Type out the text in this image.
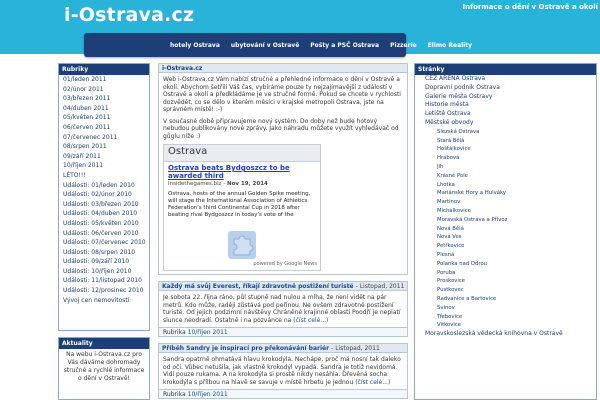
i-Ostrava.cz	Informace o dění v Ostravě a okolí
hotely Ostrava ubytování v Ostravě Pošty a PSČ Ostrava Pizzerie Elimo Reality
Rubriky
01/leden 2011
02/únor 2011
03/březen 2011
04/duben 2011
05/květen 2011
06/červen 2011
07/červenec 2011
08/srpen 2011
09/září 2011
10/říjen 2011
LÉTO!!!
Události: 01/leden 2010
Události: 02/únor 2010
Události: 03/březen 2010
Události: 04/duben 2010
Události: 05/květen 2010
Události: 06/červen 2010
Události: 07/červenec 2010
Události: 08/srpen 2010
Události: 09/září 2010
Události: 10/říjen 2010
Události: 11/listopad 2010
Události: 12/prosinec 2010
Vývoj cen nemovitostí
Aktuality
Na webu i-Ostrava.cz pro Vás dáváme dohromady stručné a rychlé informace o dění v Ostravě!
i-Ostrava.cz

Web i-Ostrava.cz Vám nabízí stručné a přehledné informace o dění v Ostravě a okolí. Abychom šetřili Váš čas, vybíráme pouze ty nejzajímavější z událostí v Ostravě a okolí a předkládáme je ve stručné formě. Pokud se chcete v rychlosti dozvědět, co se dělo v kterém měsíci v krajské metropoli Ostrava, jste na správném místě! :-)

V současné době připravujeme nový systém. Do doby než bude hotový nebudou publikovány nové zprávy. Jako náhradu můžete využít vyhledávač od gůglu níže :)

Ostrava
Ostrava beats Bydgoszcz to be awarded third
Insidethegames.biz - Nov 19, 2014
Ostrava, hosts of the annual Golden Spike meeting, will stage the International Association of Athletics Federation's third Continental Cup in 2018 after beating rival Bydgoszcz in today's vote of the
powered by Google News
Každý má svůj Everest, říkají zdravotně postižení turisté - Listopad, 2011
Je sobota 22. října ráno, půl stupně nad nulou a mlha, že není vidět na pár metrů. Kdo může, raději zůstává pod peřinou. Ne ovšem zdravotně postižení turisté. Od jejich podzimní návštěvy Chráněné krajinné oblasti Poodří je neplatí slunce neodradí. Ostatně i na pozvánce na (číst celé...)
Rubrika 10/říjen 2011
Příběh Sandry je inspirací pro překonávání bariér - Listopad, 2011
Sandra opatrně ohmatává hlavu krokodýla. Nechápe, proč má nosní tak daleko od očí. Vůbec netušila, jak vlastně krokodýl vypadá. Sandra je totiž nevidomá. Vidí pouze rukama. A na krokodýla si prostě nikdy nesáhla. Dřevěná socha krokodýla s přílbou na hlavě se savuje v místě hrbetu je jednou (číst celé...)
Rubrika 10/říjen 2011
Stránky
ČEZ ARÉNA Ostrava
Dopravní podnik Ostrava
Galerie města Ostravy
Historie města
Letiště Ostrava
Městské obvody
Slezská Ostrava
Stará Bělá
Hošťálkovice
Hrabová
Jih
Krásné Pole
Lhotka
Mariánské Hory a Hulváky
Martinov
Michálkovice
Moravská Ostrava a Přívoz
Nová Bělá
Nová Ves
Petřkovice
Plesná
Polanka nad Odrou
Poruba
Proskovice
Pustkovec
Radvanice a Bartovice
Svinov
Třebovice
Vítkovice
Moravskoslezská vědecká knihovna v Ostravě
